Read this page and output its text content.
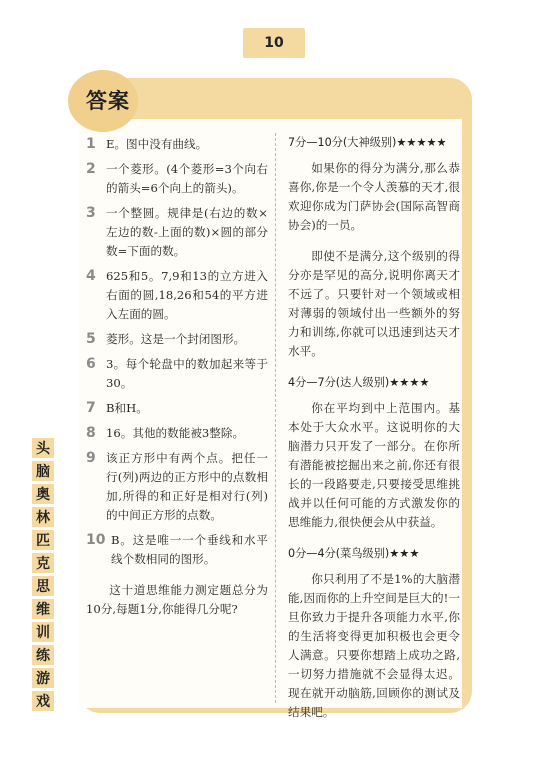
10
答案
1 E。图中没有曲线。
2 一个菱形。(4个菱形=3个向右的箭头=6个向上的箭头)。
3 一个整圆。规律是(右边的数×左边的数-上面的数)×圆的部分数=下面的数。
4 625和5。7,9和13的立方进入右面的圆,18,26和54的平方进入左面的圆。
5 菱形。这是一个封闭图形。
6 3。每个轮盘中的数加起来等于30。
7 B和H。
8 16。其他的数能被3整除。
9 该正方形中有两个点。把任一行(列)两边的正方形中的点数相加,所得的和正好是相对行(列)的中间正方形的点数。
10 B。这是唯一一个垂线和水平线个数相同的图形。
这十道思维能力测定题总分为10分,每题1分,你能得几分呢?
7分—10分(大神级别)★★★★★

如果你的得分为满分,那么恭喜你,你是一个令人羡慕的天才,很欢迎你成为门萨协会(国际高智商协会)的一员。

即使不是满分,这个级别的得分亦是罕见的高分,说明你离天才不远了。只要针对一个领域或相对薄弱的领域付出一些额外的努力和训练,你就可以迅速到达天才水平。

4分—7分(达人级别)★★★★

你在平均到中上范围内。基本处于大众水平。这说明你的大脑潜力只开发了一部分。在你所有潜能被挖掘出来之前,你还有很长的一段路要走,只要接受思维挑战并以任何可能的方式激发你的思维能力,很快便会从中获益。

0分—4分(菜鸟级别)★★★

你只利用了不是1%的大脑潜能,因而你的上升空间是巨大的!一旦你致力于提升各项能力水平,你的生活将变得更加积极也会更令人满意。只要你想踏上成功之路,一切努力措施就不会显得太迟。现在就开动脑筋,回顾你的测试及结果吧。

头
脑
奥
林
匹
克
思
维
训
练
游
戏
